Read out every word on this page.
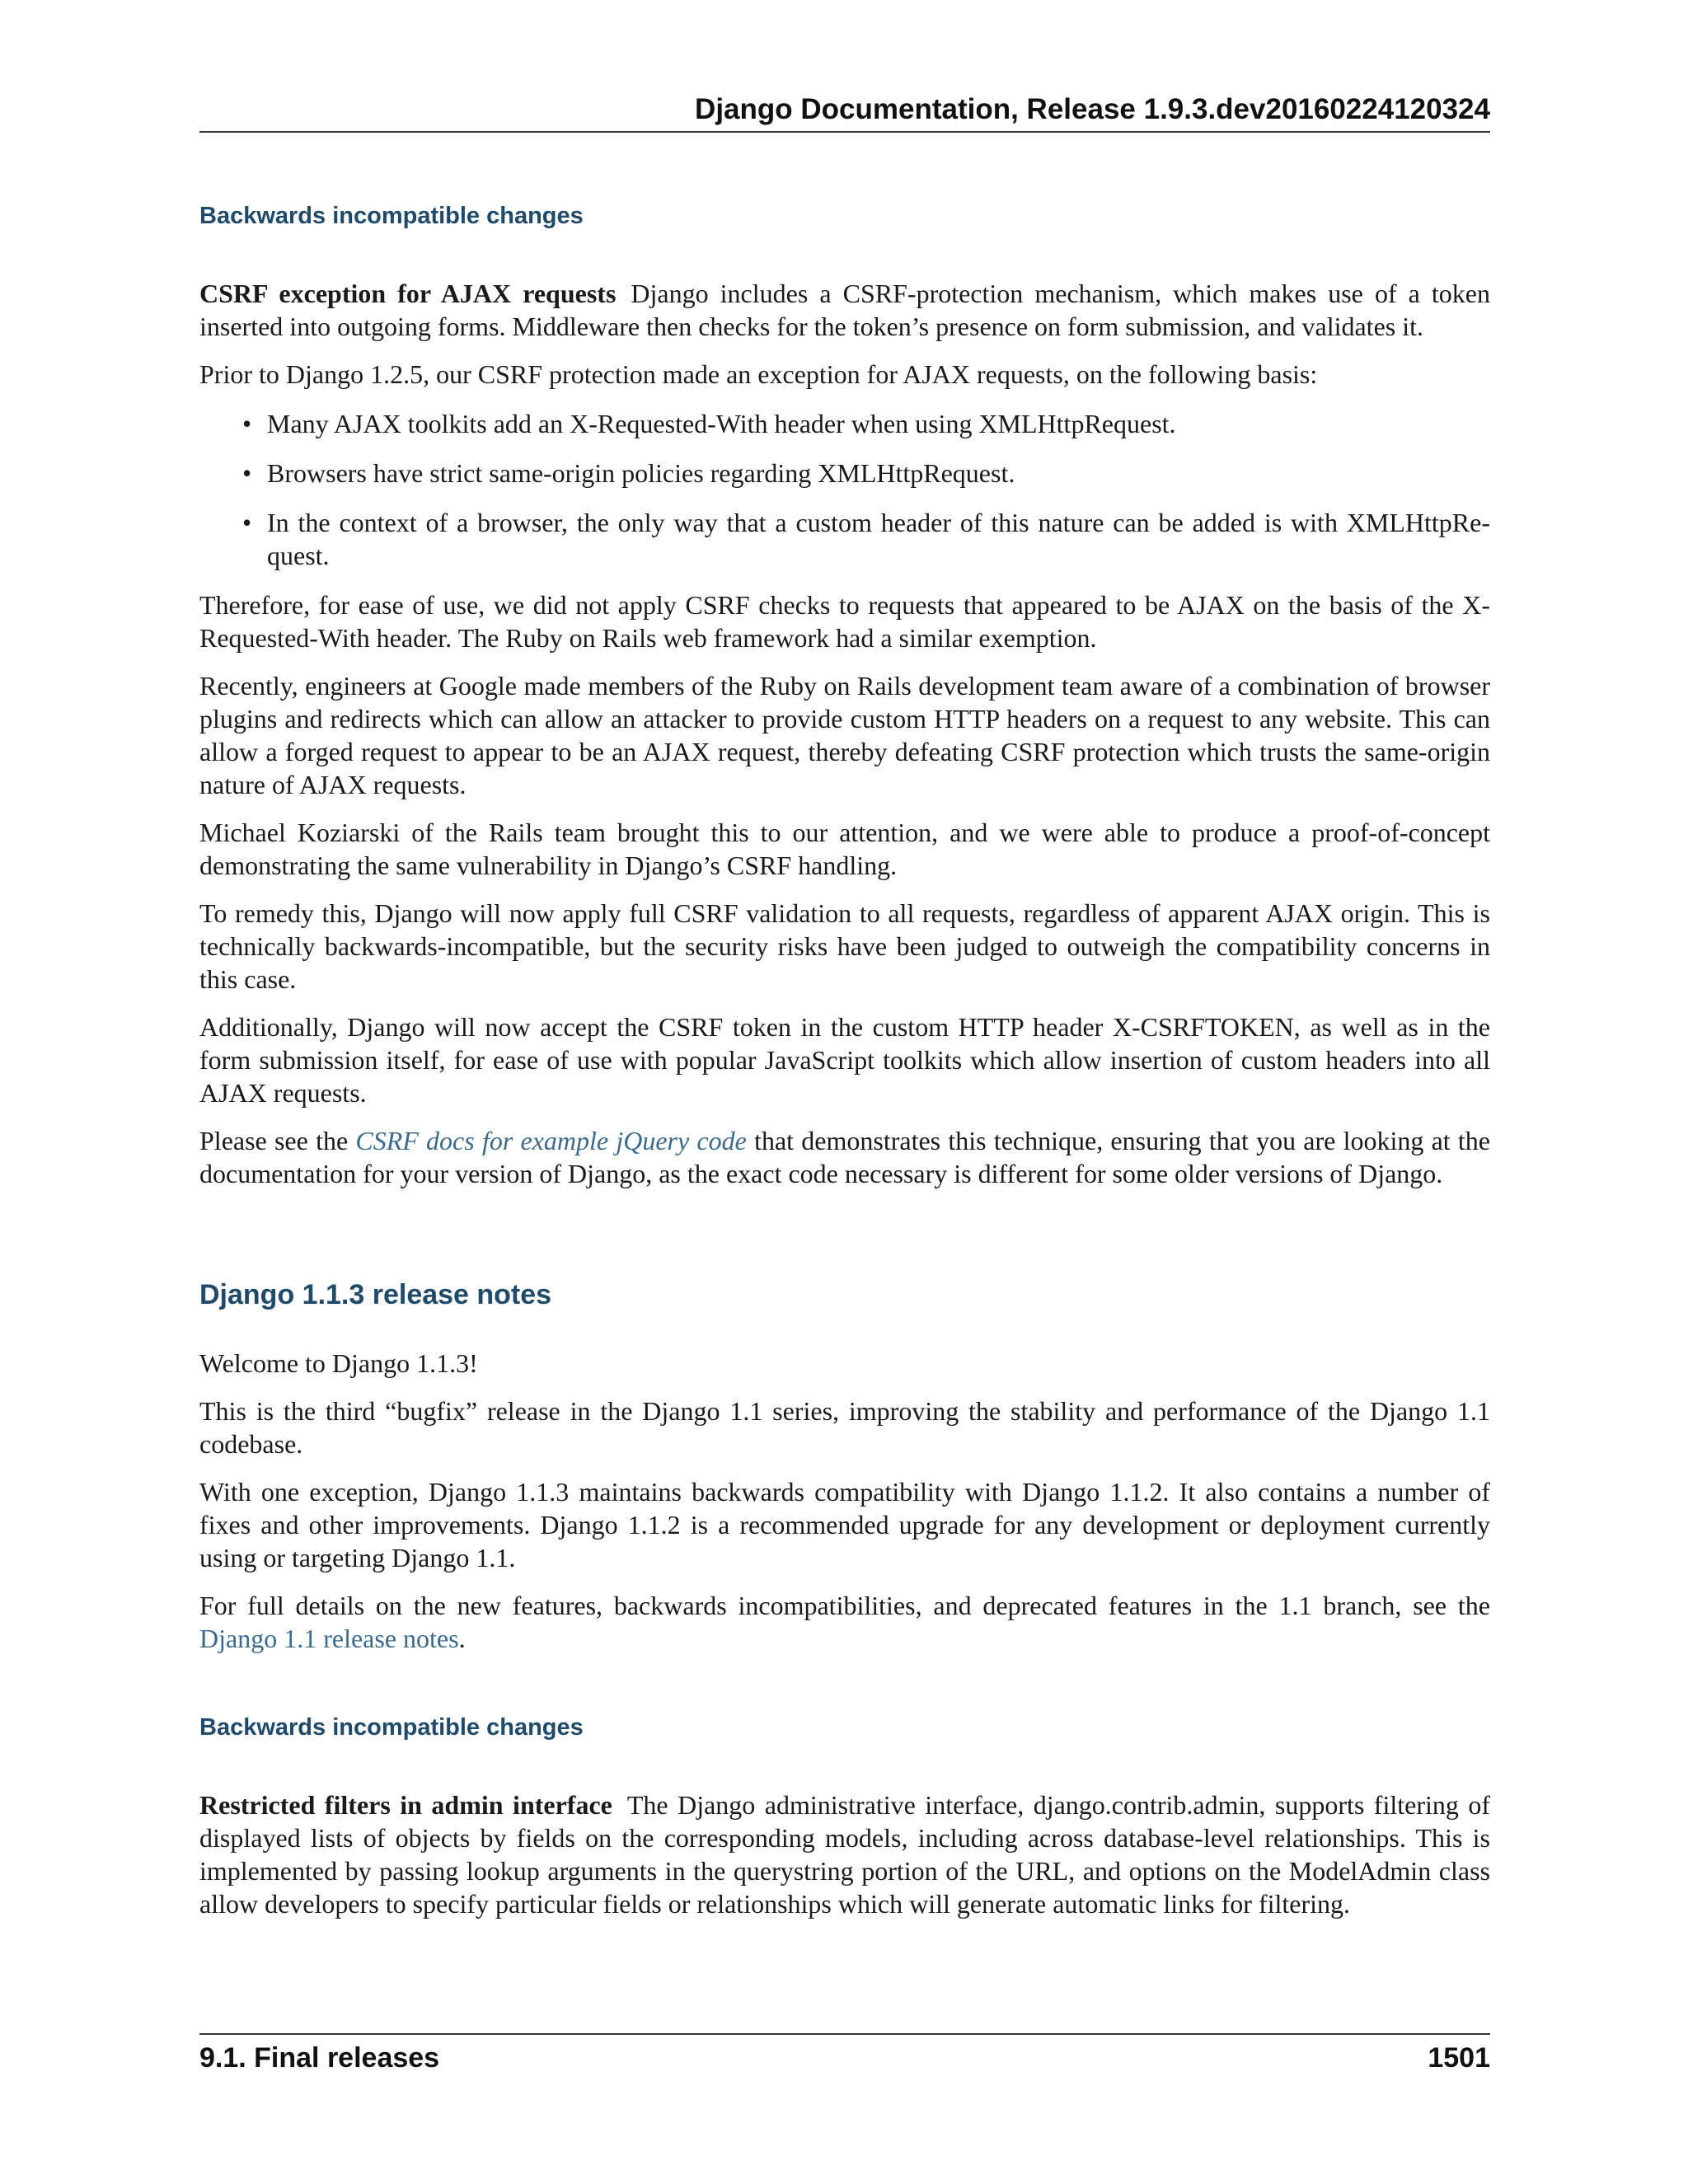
Django Documentation, Release 1.9.3.dev20160224120324
Backwards incompatible changes

CSRF exception for AJAX requests Django includes a CSRF-protection mechanism, which makes use of a token inserted into outgoing forms. Middleware then checks for the token’s presence on form submission, and validates it.

Prior to Django 1.2.5, our CSRF protection made an exception for AJAX requests, on the following basis:

• Many AJAX toolkits add an X-Requested-With header when using XMLHttpRequest.
• Browsers have strict same-origin policies regarding XMLHttpRequest.
• In the context of a browser, the only way that a custom header of this nature can be added is with XMLHttpRe-quest.

Therefore, for ease of use, we did not apply CSRF checks to requests that appeared to be AJAX on the basis of the X-Requested-With header. The Ruby on Rails web framework had a similar exemption.

Recently, engineers at Google made members of the Ruby on Rails development team aware of a combination of browser plugins and redirects which can allow an attacker to provide custom HTTP headers on a request to any website. This can allow a forged request to appear to be an AJAX request, thereby defeating CSRF protection which trusts the same-origin nature of AJAX requests.

Michael Koziarski of the Rails team brought this to our attention, and we were able to produce a proof-of-concept demonstrating the same vulnerability in Django’s CSRF handling.

To remedy this, Django will now apply full CSRF validation to all requests, regardless of apparent AJAX origin. This is technically backwards-incompatible, but the security risks have been judged to outweigh the compatibility concerns in this case.

Additionally, Django will now accept the CSRF token in the custom HTTP header X-CSRFTOKEN, as well as in the form submission itself, for ease of use with popular JavaScript toolkits which allow insertion of custom headers into all AJAX requests.

Please see the CSRF docs for example jQuery code that demonstrates this technique, ensuring that you are looking at the documentation for your version of Django, as the exact code necessary is different for some older versions of Django.

Django 1.1.3 release notes

Welcome to Django 1.1.3!

This is the third “bugfix” release in the Django 1.1 series, improving the stability and performance of the Django 1.1 codebase.

With one exception, Django 1.1.3 maintains backwards compatibility with Django 1.1.2. It also contains a number of fixes and other improvements. Django 1.1.2 is a recommended upgrade for any development or deployment currently using or targeting Django 1.1.

For full details on the new features, backwards incompatibilities, and deprecated features in the 1.1 branch, see the Django 1.1 release notes.

Backwards incompatible changes

Restricted filters in admin interface The Django administrative interface, django.contrib.admin, supports filtering of displayed lists of objects by fields on the corresponding models, including across database-level relationships. This is implemented by passing lookup arguments in the querystring portion of the URL, and options on the ModelAdmin class allow developers to specify particular fields or relationships which will generate automatic links for filtering.

9.1. Final releases	1501
